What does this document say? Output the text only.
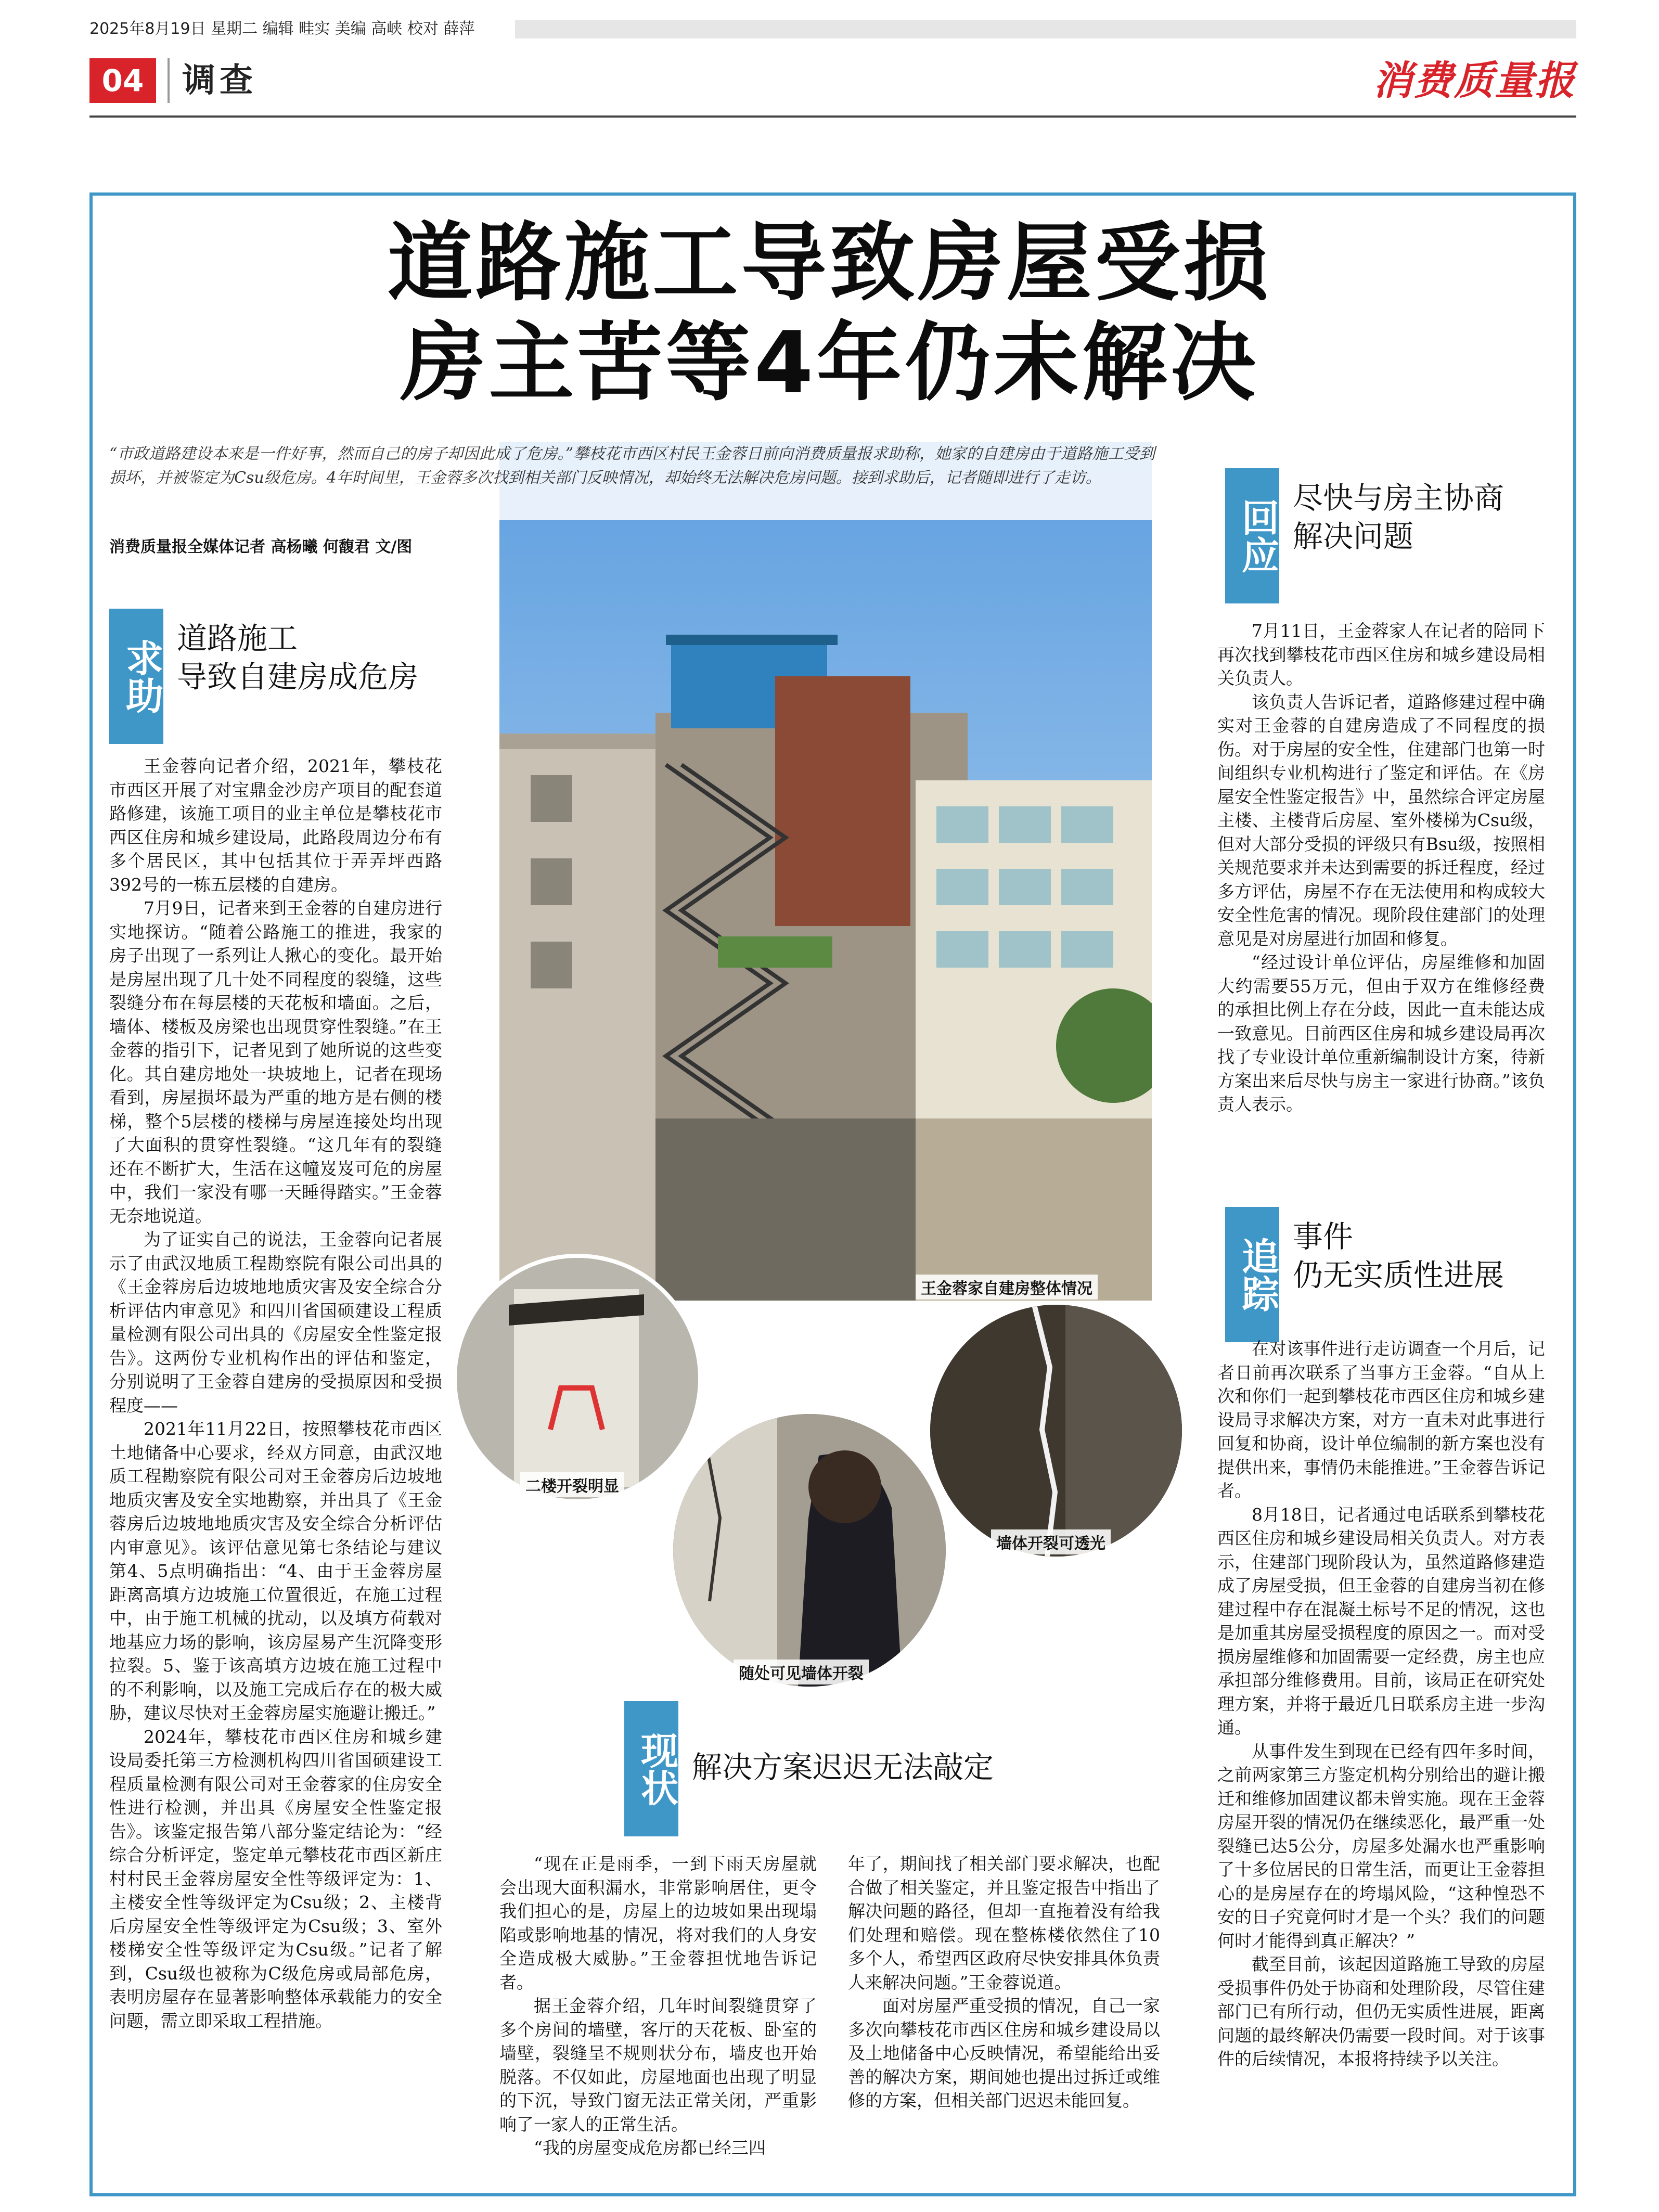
2025年8月19日 星期二 编辑 畦实 美编 高峡 校对 薛萍
04	调查	消费质量报
道路施工导致房屋受损
房主苦等4年仍未解决
王金蓉家自建房整体情况
“市政道路建设本来是一件好事，然而自己的房子却因此成了危房。”攀枝花市西区村民王金蓉日前向消费质量报求助称，她家的自建房由于道路施工受到损坏，并被鉴定为Csu级危房。4年时间里，王金蓉多次找到相关部门反映情况，却始终无法解决危房问题。接到求助后，记者随即进行了走访。
消费质量报全媒体记者 高杨曦 何馥君 文/图
二楼开裂明显
随处可见墙体开裂
墙体开裂可透光
求助
道路施工
导致自建房成危房
现状 解决方案迟迟无法敲定
回应
尽快与房主协商
解决问题
追踪
事件
仍无实质性进展

王金蓉向记者介绍，2021年，攀枝花市西区开展了对宝鼎金沙房产项目的配套道路修建，该施工项目的业主单位是攀枝花市西区住房和城乡建设局，此路段周边分布有多个居民区，其中包括其位于弄弄坪西路392号的一栋五层楼的自建房。

7月9日，记者来到王金蓉的自建房进行实地探访。“随着公路施工的推进，我家的房子出现了一系列让人揪心的变化。最开始是房屋出现了几十处不同程度的裂缝，这些裂缝分布在每层楼的天花板和墙面。之后，墙体、楼板及房梁也出现贯穿性裂缝。”在王金蓉的指引下，记者见到了她所说的这些变化。其自建房地处一块坡地上，记者在现场看到，房屋损坏最为严重的地方是右侧的楼梯，整个5层楼的楼梯与房屋连接处均出现了大面积的贯穿性裂缝。“这几年有的裂缝还在不断扩大，生活在这幢岌岌可危的房屋中，我们一家没有哪一天睡得踏实。”王金蓉无奈地说道。

为了证实自己的说法，王金蓉向记者展示了由武汉地质工程勘察院有限公司出具的《王金蓉房后边坡地地质灾害及安全综合分析评估内审意见》和四川省国硕建设工程质量检测有限公司出具的《房屋安全性鉴定报告》。这两份专业机构作出的评估和鉴定，分别说明了王金蓉自建房的受损原因和受损程度——

2021年11月22日，按照攀枝花市西区土地储备中心要求，经双方同意，由武汉地质工程勘察院有限公司对王金蓉房后边坡地地质灾害及安全实地勘察，并出具了《王金蓉房后边坡地地质灾害及安全综合分析评估内审意见》。该评估意见第七条结论与建议第4、5点明确指出：“4、由于王金蓉房屋距离高填方边坡施工位置很近，在施工过程中，由于施工机械的扰动，以及填方荷载对地基应力场的影响，该房屋易产生沉降变形拉裂。5、鉴于该高填方边坡在施工过程中的不利影响，以及施工完成后存在的极大威胁，建议尽快对王金蓉房屋实施避让搬迁。”

2024年，攀枝花市西区住房和城乡建设局委托第三方检测机构四川省国硕建设工程质量检测有限公司对王金蓉家的住房安全性进行检测，并出具《房屋安全性鉴定报告》。该鉴定报告第八部分鉴定结论为：“经综合分析评定，鉴定单元攀枝花市西区新庄村村民王金蓉房屋安全性等级评定为：1、主楼安全性等级评定为Csu级；2、主楼背后房屋安全性等级评定为Csu级；3、室外楼梯安全性等级评定为Csu级。”记者了解到，Csu级也被称为C级危房或局部危房，表明房屋存在显著影响整体承载能力的安全问题，需立即采取工程措施。

“现在正是雨季，一到下雨天房屋就会出现大面积漏水，非常影响居住，更令我们担心的是，房屋上的边坡如果出现塌陷或影响地基的情况，将对我们的人身安全造成极大威胁。”王金蓉担忧地告诉记者。

据王金蓉介绍，几年时间裂缝贯穿了多个房间的墙壁，客厅的天花板、卧室的墙壁，裂缝呈不规则状分布，墙皮也开始脱落。不仅如此，房屋地面也出现了明显的下沉，导致门窗无法正常关闭，严重影响了一家人的正常生活。

“我的房屋变成危房都已经三四

年了，期间找了相关部门要求解决，也配合做了相关鉴定，并且鉴定报告中指出了解决问题的路径，但却一直拖着没有给我们处理和赔偿。现在整栋楼依然住了10多个人，希望西区政府尽快安排具体负责人来解决问题。”王金蓉说道。

面对房屋严重受损的情况，自己一家多次向攀枝花市西区住房和城乡建设局以及土地储备中心反映情况，希望能给出妥善的解决方案，期间她也提出过拆迁或维修的方案，但相关部门迟迟未能回复。

7月11日，王金蓉家人在记者的陪同下再次找到攀枝花市西区住房和城乡建设局相关负责人。

该负责人告诉记者，道路修建过程中确实对王金蓉的自建房造成了不同程度的损伤。对于房屋的安全性，住建部门也第一时间组织专业机构进行了鉴定和评估。在《房屋安全性鉴定报告》中，虽然综合评定房屋主楼、主楼背后房屋、室外楼梯为Csu级，但对大部分受损的评级只有Bsu级，按照相关规范要求并未达到需要的拆迁程度，经过多方评估，房屋不存在无法使用和构成较大安全性危害的情况。现阶段住建部门的处理意见是对房屋进行加固和修复。

“经过设计单位评估，房屋维修和加固大约需要55万元，但由于双方在维修经费的承担比例上存在分歧，因此一直未能达成一致意见。目前西区住房和城乡建设局再次找了专业设计单位重新编制设计方案，待新方案出来后尽快与房主一家进行协商。”该负责人表示。

在对该事件进行走访调查一个月后，记者日前再次联系了当事方王金蓉。“自从上次和你们一起到攀枝花市西区住房和城乡建设局寻求解决方案，对方一直未对此事进行回复和协商，设计单位编制的新方案也没有提供出来，事情仍未能推进。”王金蓉告诉记者。

8月18日，记者通过电话联系到攀枝花西区住房和城乡建设局相关负责人。对方表示，住建部门现阶段认为，虽然道路修建造成了房屋受损，但王金蓉的自建房当初在修建过程中存在混凝土标号不足的情况，这也是加重其房屋受损程度的原因之一。而对受损房屋维修和加固需要一定经费，房主也应承担部分维修费用。目前，该局正在研究处理方案，并将于最近几日联系房主进一步沟通。

从事件发生到现在已经有四年多时间，之前两家第三方鉴定机构分别给出的避让搬迁和维修加固建议都未曾实施。现在王金蓉房屋开裂的情况仍在继续恶化，最严重一处裂缝已达5公分，房屋多处漏水也严重影响了十多位居民的日常生活，而更让王金蓉担心的是房屋存在的垮塌风险，“这种惶恐不安的日子究竟何时才是一个头？我们的问题何时才能得到真正解决？”

截至目前，该起因道路施工导致的房屋受损事件仍处于协商和处理阶段，尽管住建部门已有所行动，但仍无实质性进展，距离问题的最终解决仍需要一段时间。对于该事件的后续情况，本报将持续予以关注。
